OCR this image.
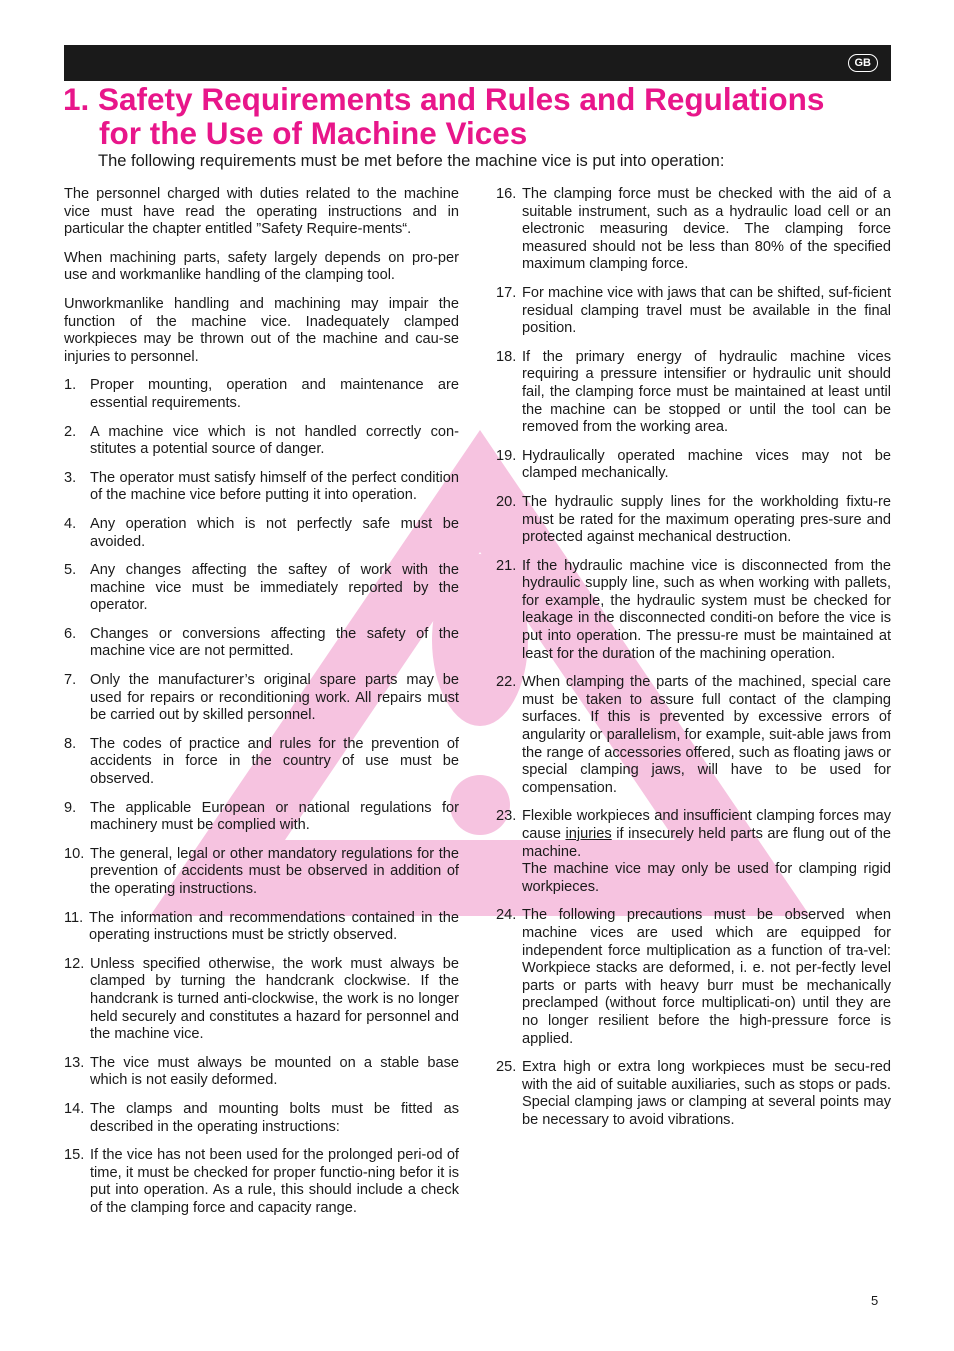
GB
1. Safety Requirements and Rules and Regulations
for the Use of Machine Vices

The following requirements must be met before the machine vice is put into operation:

The personnel charged with duties related to the machine vice must have read the operating instructions and in particular the chapter entitled ”Safety Require-ments“.

When machining parts, safety largely depends on pro-per use and workmanlike handling of the clamping tool.

Unworkmanlike handling and machining may impair the function of the machine vice. Inadequately clamped workpieces may be thrown out of the machine and cau-se injuries to personnel.

1. Proper mounting, operation and maintenance are essential requirements.
2. A machine vice which is not handled correctly con-stitutes a potential source of danger.
3. The operator must satisfy himself of the perfect condition of the machine vice before putting it into operation.
4. Any operation which is not perfectly safe must be avoided.
5. Any changes affecting the saftey of work with the machine vice must be immediately reported by the operator.
6. Changes or conversions affecting the safety of the machine vice are not permitted.
7. Only the manufacturer’s original spare parts may be used for repairs or reconditioning work. All repairs must be carried out by skilled personnel.
8. The codes of practice and rules for the prevention of accidents in force in the country of use must be observed.
9. The applicable European or national regulations for machinery must be complied with.
10. The general, legal or other mandatory regulations for the prevention of accidents must be observed in addition of the operating instructions.
11. The information and recommendations contained in the operating instructions must be strictly observed.
12. Unless specified otherwise, the work must always be clamped by turning the handcrank clockwise. If the handcrank is turned anti-clockwise, the work is no longer held securely and constitutes a hazard for personnel and the machine vice.
13. The vice must always be mounted on a stable base which is not easily deformed.
14. The clamps and mounting bolts must be fitted as described in the operating instructions:
15. If the vice has not been used for the prolonged peri-od of time, it must be checked for proper functio-ning befor it is put into operation. As a rule, this should include a check of the clamping force and capacity range.
16. The clamping force must be checked with the aid of a suitable instrument, such as a hydraulic load cell or an electronic measuring device. The clamping force measured should not be less than 80% of the specified maximum clamping force.
17. For machine vice with jaws that can be shifted, suf-ficient residual clamping travel must be available in the final position.
18. If the primary energy of hydraulic machine vices requiring a pressure intensifier or hydraulic unit should fail, the clamping force must be maintained at least until the machine can be stopped or until the tool can be removed from the working area.
19. Hydraulically operated machine vices may not be clamped mechanically.
20. The hydraulic supply lines for the workholding fixtu-re must be rated for the maximum operating pres-sure and protected against mechanical destruction.
21. If the hydraulic machine vice is disconnected from the hydraulic supply line, such as when working with pallets, for example, the hydraulic system must be checked for leakage in the disconnected conditi-on before the vice is put into operation. The pressu-re must be maintained at least for the duration of the machining operation.
22. When clamping the parts of the machined, special care must be taken to assure full contact of the clamping surfaces. If this is prevented by excessive errors of angularity or parallelism, for example, suit-able jaws from the range of accessories offered, such as floating jaws or special clamping jaws, will have to be used for compensation.
23. Flexible workpieces and insufficient clamping forces may cause injuries if insecurely held parts are flung out of the machine.
The machine vice may only be used for clamping rigid workpieces.
24. The following precautions must be observed when machine vices are used which are equipped for independent force multiplication as a function of tra-vel: Workpiece stacks are deformed, i. e. not per-fectly level parts or parts with heavy burr must be mechanically preclamped (without force multiplicati-on) until they are no longer resilient before the high-pressure force is applied.
25. Extra high or extra long workpieces must be secu-red with the aid of suitable auxiliaries, such as stops or pads. Special clamping jaws or clamping at several points may be necessary to avoid vibrations.
5
